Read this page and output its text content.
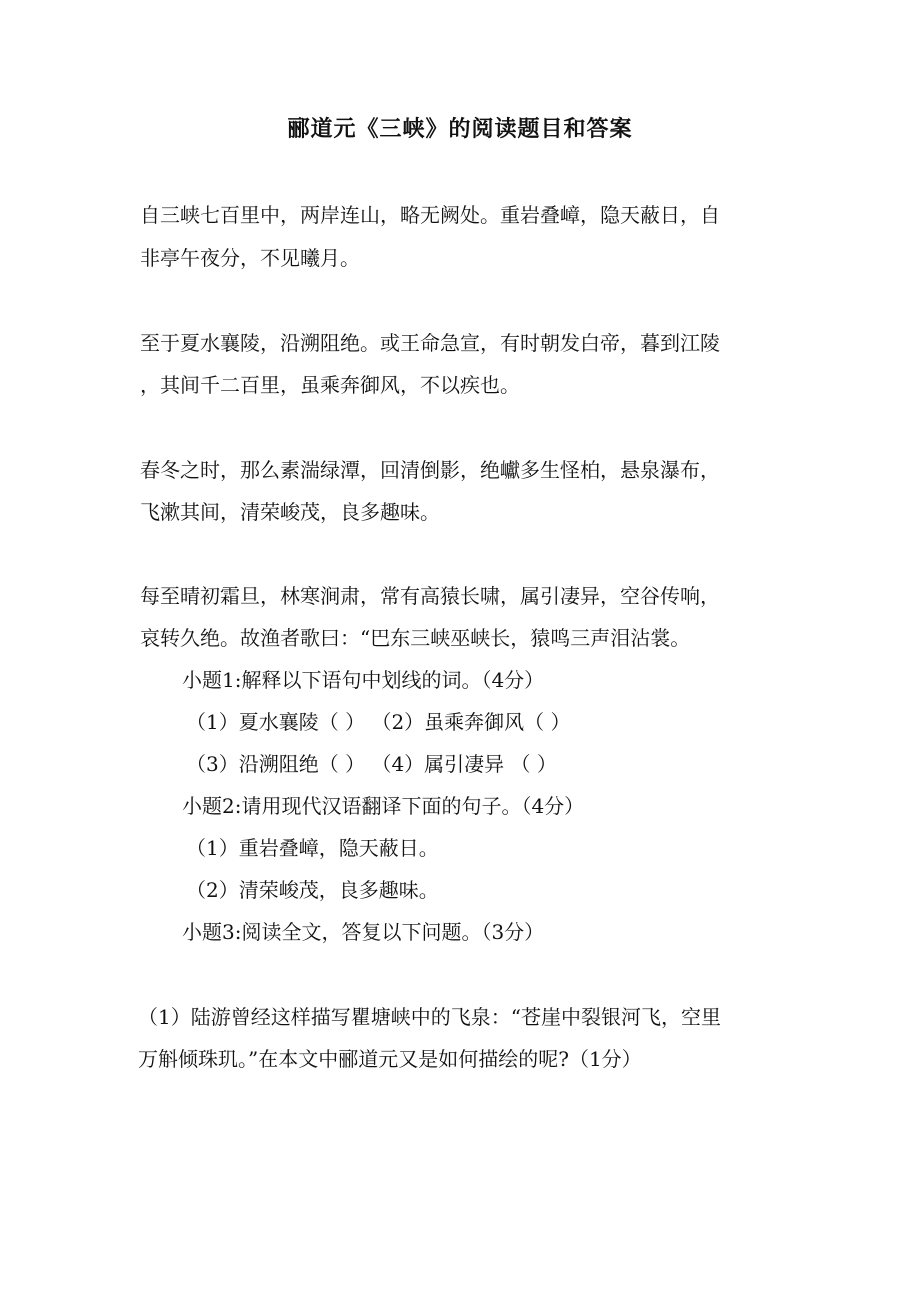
郦道元《三峡》的阅读题目和答案
自三峡七百里中，两岸连山，略无阙处。重岩叠嶂，隐天蔽日，自
非亭午夜分，不见曦月。
至于夏水襄陵，沿溯阻绝。或王命急宣，有时朝发白帝，暮到江陵
，其间千二百里，虽乘奔御风，不以疾也。
春冬之时，那么素湍绿潭，回清倒影，绝巘多生怪柏，悬泉瀑布，
飞漱其间，清荣峻茂，良多趣味。
每至晴初霜旦，林寒涧肃，常有高猿长啸，属引凄异，空谷传响，
哀转久绝。故渔者歌曰：“巴东三峡巫峡长，猿鸣三声泪沾裳。
小题1:解释以下语句中划线的词。（4分）
（1）夏水襄陵（ ） （2）虽乘奔御风（ ）
（3）沿溯阻绝（ ） （4）属引凄异 （ ）
小题2:请用现代汉语翻译下面的句子。（4分）
（1）重岩叠嶂，隐天蔽日。
（2）清荣峻茂，良多趣味。
小题3:阅读全文，答复以下问题。（3分）
（1）陆游曾经这样描写瞿塘峡中的飞泉：“苍崖中裂银河飞，空里
万斛倾珠玑。”在本文中郦道元又是如何描绘的呢?（1分）
